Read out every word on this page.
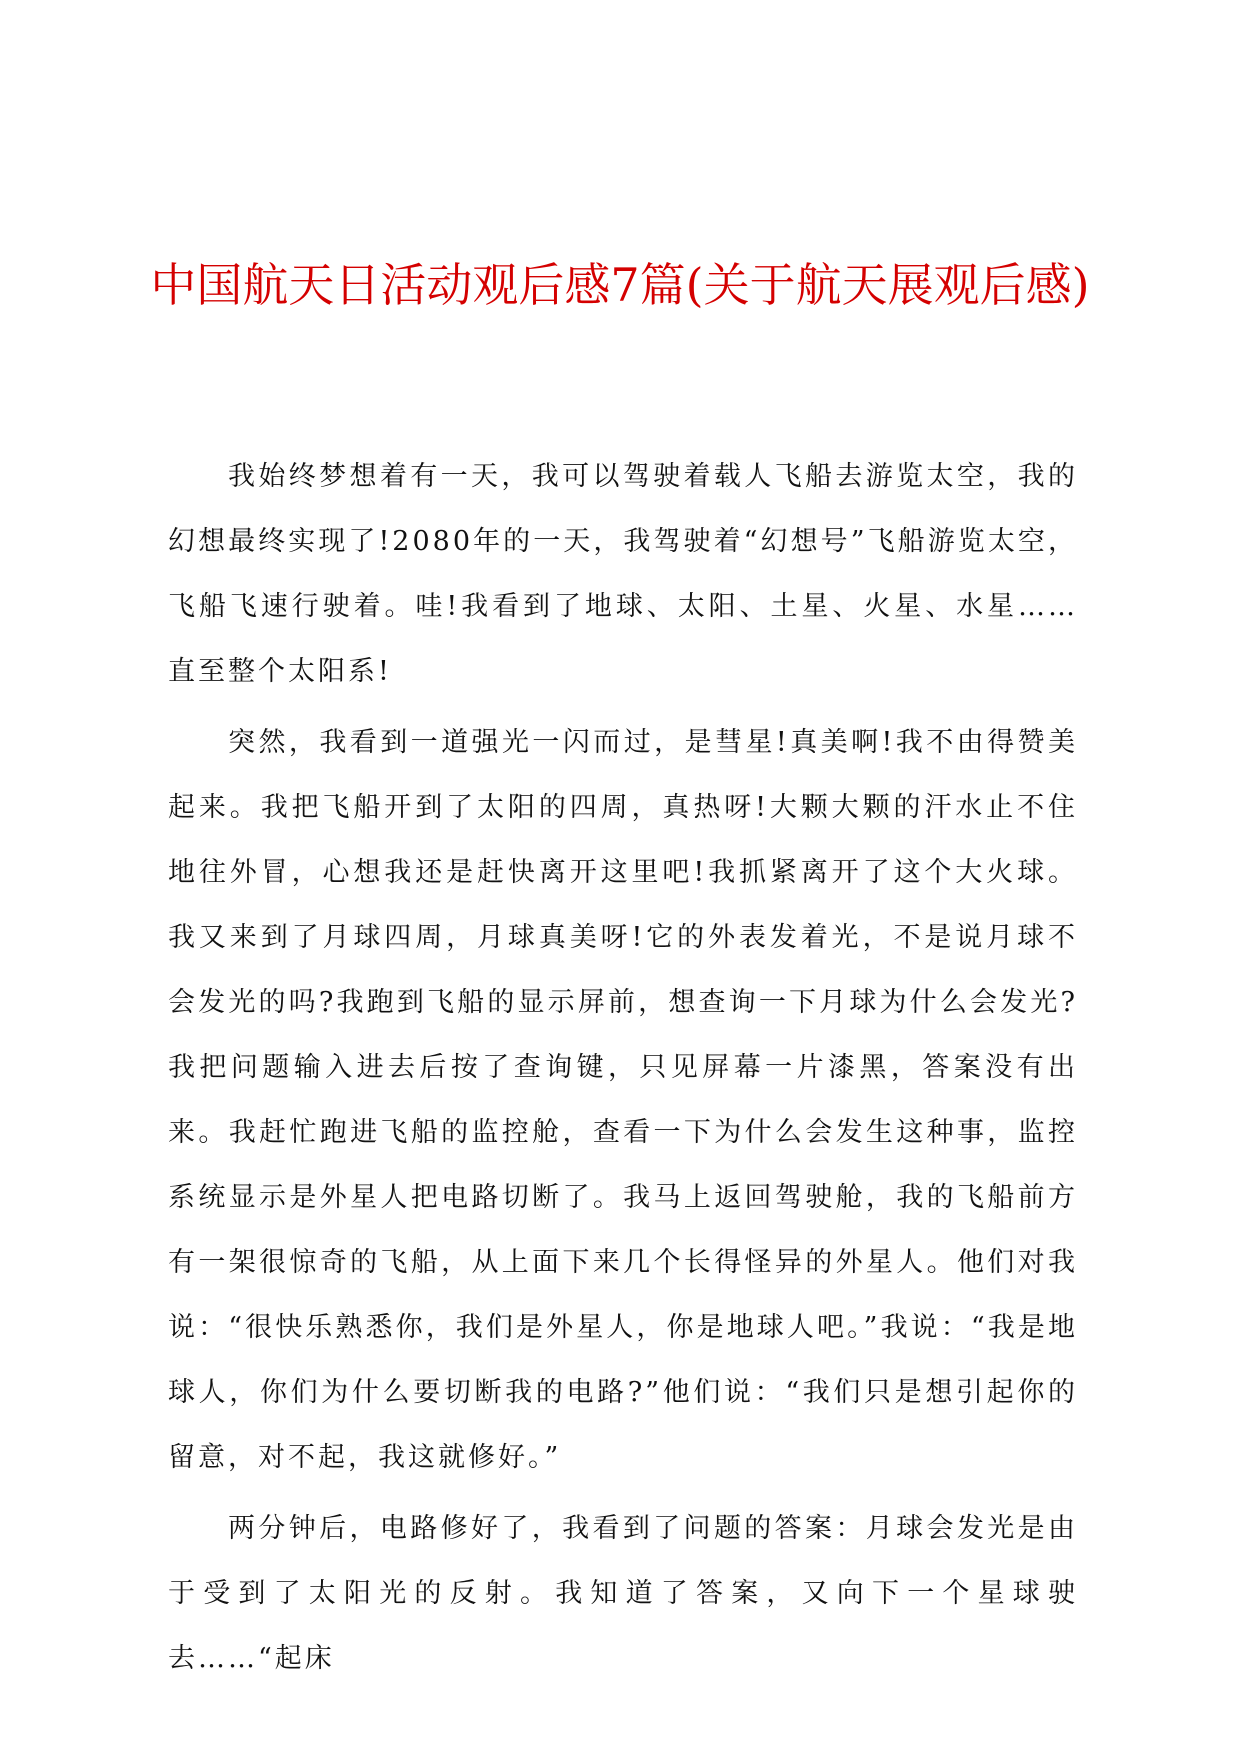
中国航天日活动观后感7篇(关于航天展观后感)

我始终梦想着有一天，我可以驾驶着载人飞船去游览太空，我的幻想最终实现了!2080年的一天，我驾驶着“幻想号”飞船游览太空，飞船飞速行驶着。哇!我看到了地球、太阳、土星、火星、水星……直至整个太阳系!

突然，我看到一道强光一闪而过，是彗星!真美啊!我不由得赞美起来。我把飞船开到了太阳的四周，真热呀!大颗大颗的汗水止不住地往外冒，心想我还是赶快离开这里吧!我抓紧离开了这个大火球。我又来到了月球四周，月球真美呀!它的外表发着光，不是说月球不会发光的吗?我跑到飞船的显示屏前，想查询一下月球为什么会发光?我把问题输入进去后按了查询键，只见屏幕一片漆黑，答案没有出来。我赶忙跑进飞船的监控舱，查看一下为什么会发生这种事，监控系统显示是外星人把电路切断了。我马上返回驾驶舱，我的飞船前方有一架很惊奇的飞船，从上面下来几个长得怪异的外星人。他们对我说：“很快乐熟悉你，我们是外星人，你是地球人吧。”我说：“我是地球人，你们为什么要切断我的电路?”他们说：“我们只是想引起你的留意，对不起，我这就修好。”

两分钟后，电路修好了，我看到了问题的答案：月球会发光是由于受到了太阳光的反射。我知道了答案，又向下一个星球驶去……“起床
